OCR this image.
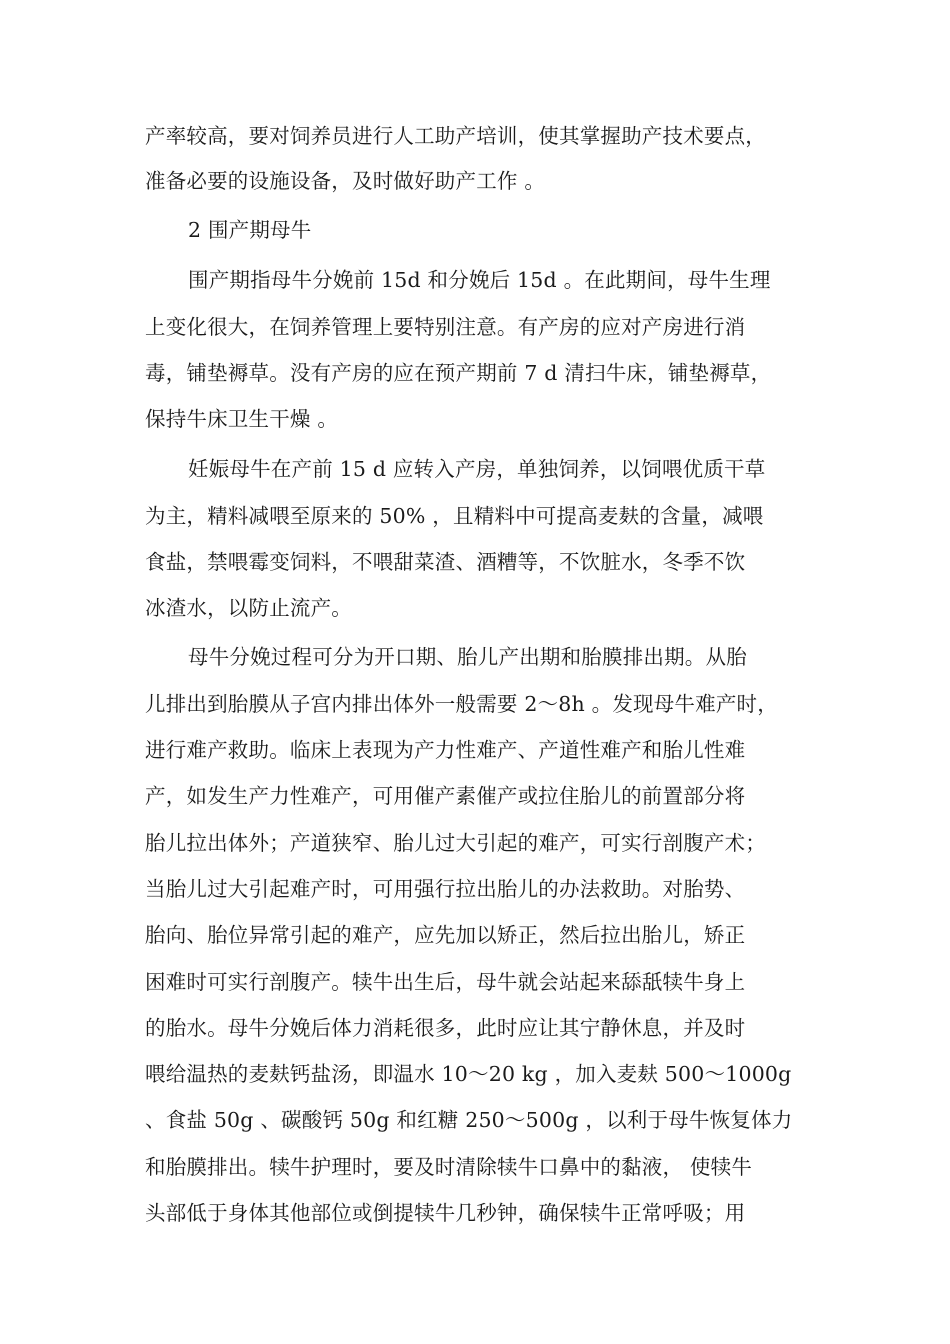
产率较高，要对饲养员进行人工助产培训，使其掌握助产技术要点，
准备必要的设施设备，及时做好助产工作 。
2 围产期母牛
围产期指母牛分娩前 15d 和分娩后 15d 。在此期间，母牛生理
上变化很大，在饲养管理上要特别注意。有产房的应对产房进行消
毒，铺垫褥草。没有产房的应在预产期前 7 d 清扫牛床，铺垫褥草，
保持牛床卫生干燥 。
妊娠母牛在产前 15 d 应转入产房，单独饲养，以饲喂优质干草
为主，精料减喂至原来的 50% ，且精料中可提高麦麸的含量，减喂
食盐，禁喂霉变饲料，不喂甜菜渣、酒糟等，不饮脏水，冬季不饮
冰渣水，以防止流产。
母牛分娩过程可分为开口期、胎儿产出期和胎膜排出期。从胎
儿排出到胎膜从子宫内排出体外一般需要 2～8h 。发现母牛难产时，
进行难产救助。临床上表现为产力性难产、产道性难产和胎儿性难
产，如发生产力性难产，可用催产素催产或拉住胎儿的前置部分将
胎儿拉出体外；产道狭窄、胎儿过大引起的难产，可实行剖腹产术；
当胎儿过大引起难产时，可用强行拉出胎儿的办法救助。对胎势、
胎向、胎位异常引起的难产，应先加以矫正，然后拉出胎儿，矫正
困难时可实行剖腹产。犊牛出生后，母牛就会站起来舔舐犊牛身上
的胎水。母牛分娩后体力消耗很多，此时应让其宁静休息，并及时
喂给温热的麦麸钙盐汤，即温水 10～20 kg ，加入麦麸 500～1000g
、食盐 50g 、碳酸钙 50g 和红糖 250～500g ，以利于母牛恢复体力
和胎膜排出。犊牛护理时，要及时清除犊牛口鼻中的黏液， 使犊牛
头部低于身体其他部位或倒提犊牛几秒钟，确保犊牛正常呼吸；用
